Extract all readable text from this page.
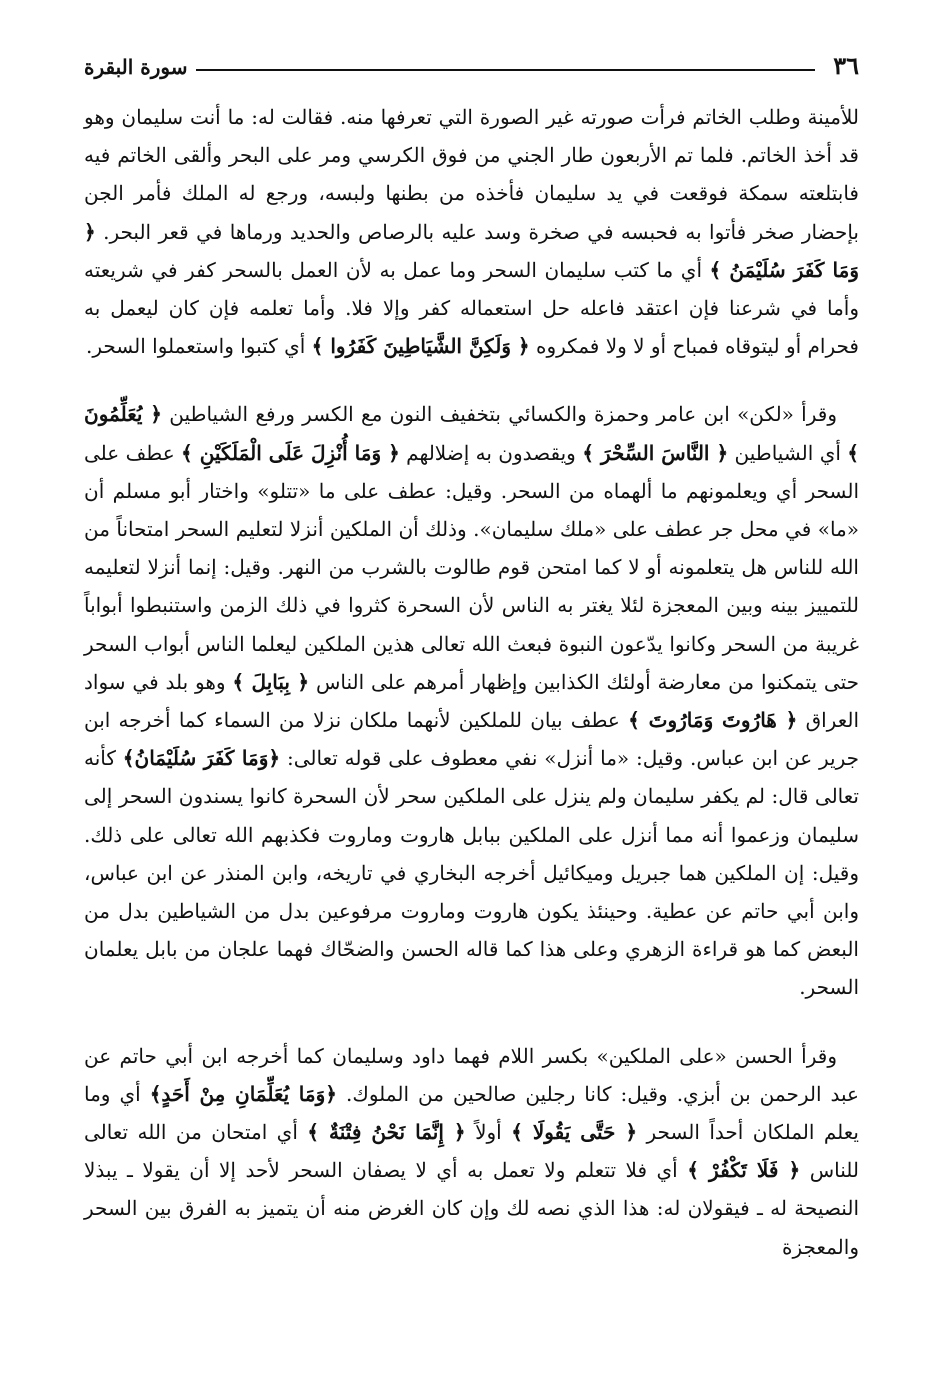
٣٦
سورة البقرة

للأمينة وطلب الخاتم فرأت صورته غير الصورة التي تعرفها منه. فقالت له: ما أنت سليمان وهو قد أخذ الخاتم. فلما تم الأربعون طار الجني من فوق الكرسي ومر على البحر وألقى الخاتم فيه فابتلعته سمكة فوقعت في يد سليمان فأخذه من بطنها ولبسه، ورجع له الملك فأمر الجن بإحضار صخر فأتوا به فحبسه في صخرة وسد عليه بالرصاص والحديد ورماها في قعر البحر. ﴿ وَمَا كَفَرَ سُلَيْمَنُ ﴾ أي ما كتب سليمان السحر وما عمل به لأن العمل بالسحر كفر في شريعته وأما في شرعنا فإن اعتقد فاعله حل استعماله كفر وإلا فلا. وأما تعلمه فإن كان ليعمل به فحرام أو ليتوقاه فمباح أو لا ولا فمكروه ﴿ وَلَكِنَّ الشَّيَاطِينَ كَفَرُوا ﴾ أي كتبوا واستعملوا السحر.

وقرأ «لكن» ابن عامر وحمزة والكسائي بتخفيف النون مع الكسر ورفع الشياطين ﴿ يُعَلِّمُونَ ﴾ أي الشياطين ﴿ النَّاسَ السِّحْرَ ﴾ ويقصدون به إضلالهم ﴿ وَمَا أُنْزِلَ عَلَى الْمَلَكَيْنِ ﴾ عطف على السحر أي ويعلمونهم ما ألهماه من السحر. وقيل: عطف على ما «تتلو» واختار أبو مسلم أن «ما» في محل جر عطف على «ملك سليمان». وذلك أن الملكين أنزلا لتعليم السحر امتحاناً من الله للناس هل يتعلمونه أو لا كما امتحن قوم طالوت بالشرب من النهر. وقيل: إنما أنزلا لتعليمه للتمييز بينه وبين المعجزة لئلا يغتر به الناس لأن السحرة كثروا في ذلك الزمن واستنبطوا أبواباً غريبة من السحر وكانوا يدّعون النبوة فبعث الله تعالى هذين الملكين ليعلما الناس أبواب السحر حتى يتمكنوا من معارضة أولئك الكذابين وإظهار أمرهم على الناس ﴿ بِبَابِلَ ﴾ وهو بلد في سواد العراق ﴿ هَارُوتَ وَمَارُوتَ ﴾ عطف بيان للملكين لأنهما ملكان نزلا من السماء كما أخرجه ابن جرير عن ابن عباس. وقيل: «ما أنزل» نفي معطوف على قوله تعالى: ﴿وَمَا كَفَرَ سُلَيْمَانُ﴾ كأنه تعالى قال: لم يكفر سليمان ولم ينزل على الملكين سحر لأن السحرة كانوا يسندون السحر إلى سليمان وزعموا أنه مما أنزل على الملكين ببابل هاروت وماروت فكذبهم الله تعالى على ذلك. وقيل: إن الملكين هما جبريل وميكائيل أخرجه البخاري في تاريخه، وابن المنذر عن ابن عباس، وابن أبي حاتم عن عطية. وحينئذ يكون هاروت وماروت مرفوعين بدل من الشياطين بدل من البعض كما هو قراءة الزهري وعلى هذا كما قاله الحسن والضحّاك فهما علجان من بابل يعلمان السحر.

وقرأ الحسن «على الملكين» بكسر اللام فهما داود وسليمان كما أخرجه ابن أبي حاتم عن عبد الرحمن بن أبزي. وقيل: كانا رجلين صالحين من الملوك. ﴿وَمَا يُعَلِّمَانِ مِنْ أَحَدٍ﴾ أي وما يعلم الملكان أحداً السحر ﴿ حَتَّى يَقُولَا ﴾ أولاً ﴿ إِنَّمَا نَحْنُ فِتْنَةٌ ﴾ أي امتحان من الله تعالى للناس ﴿ فَلَا تَكْفُرْ ﴾ أي فلا تتعلم ولا تعمل به أي لا يصفان السحر لأحد إلا أن يقولا ـ يبذلا النصيحة له ـ فيقولان له: هذا الذي نصه لك وإن كان الغرض منه أن يتميز به الفرق بين السحر والمعجزة
